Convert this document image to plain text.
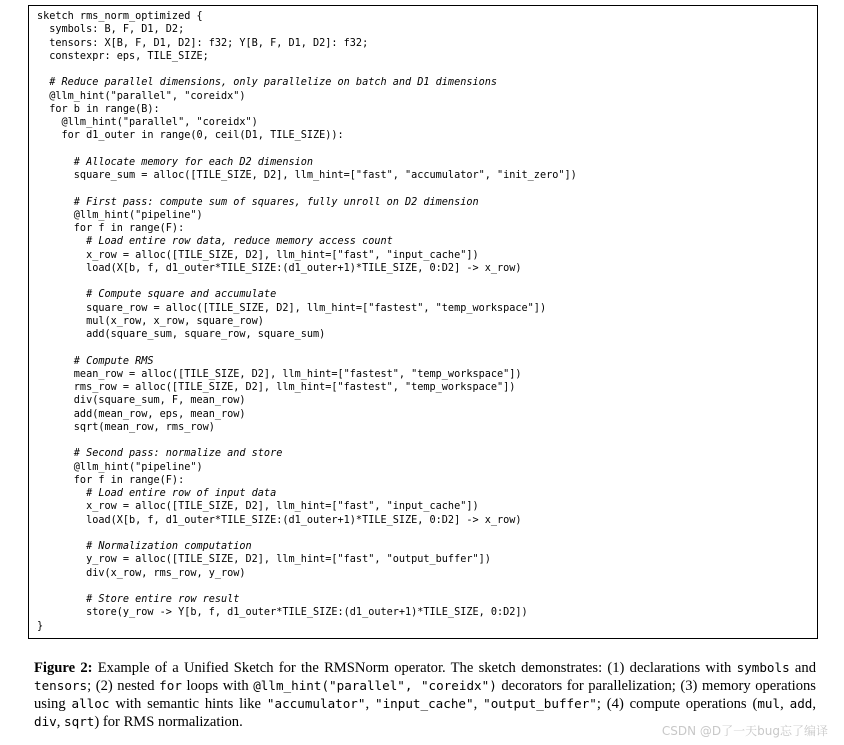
sketch rms_norm_optimized {
symbols: B, F, D1, D2;
tensors: X[B, F, D1, D2]: f32; Y[B, F, D1, D2]: f32;
constexpr: eps, TILE_SIZE;

# Reduce parallel dimensions, only parallelize on batch and D1 dimensions
@llm_hint("parallel", "coreidx")
for b in range(B):
@llm_hint("parallel", "coreidx")
for d1_outer in range(0, ceil(D1, TILE_SIZE)):

# Allocate memory for each D2 dimension
square_sum = alloc([TILE_SIZE, D2], llm_hint=["fast", "accumulator", "init_zero"])

# First pass: compute sum of squares, fully unroll on D2 dimension
@llm_hint("pipeline")
for f in range(F):
# Load entire row data, reduce memory access count
x_row = alloc([TILE_SIZE, D2], llm_hint=["fast", "input_cache"])
load(X[b, f, d1_outer*TILE_SIZE:(d1_outer+1)*TILE_SIZE, 0:D2] -> x_row)

# Compute square and accumulate
square_row = alloc([TILE_SIZE, D2], llm_hint=["fastest", "temp_workspace"])
mul(x_row, x_row, square_row)
add(square_sum, square_row, square_sum)

# Compute RMS
mean_row = alloc([TILE_SIZE, D2], llm_hint=["fastest", "temp_workspace"])
rms_row = alloc([TILE_SIZE, D2], llm_hint=["fastest", "temp_workspace"])
div(square_sum, F, mean_row)
add(mean_row, eps, mean_row)
sqrt(mean_row, rms_row)

# Second pass: normalize and store
@llm_hint("pipeline")
for f in range(F):
# Load entire row of input data
x_row = alloc([TILE_SIZE, D2], llm_hint=["fast", "input_cache"])
load(X[b, f, d1_outer*TILE_SIZE:(d1_outer+1)*TILE_SIZE, 0:D2] -> x_row)

# Normalization computation
y_row = alloc([TILE_SIZE, D2], llm_hint=["fast", "output_buffer"])
div(x_row, rms_row, y_row)

# Store entire row result
store(y_row -> Y[b, f, d1_outer*TILE_SIZE:(d1_outer+1)*TILE_SIZE, 0:D2])
}

Figure 2: Example of a Unified Sketch for the RMSNorm operator. The sketch demonstrates: (1) declarations with symbols and tensors; (2) nested for loops with @llm_hint("parallel", "coreidx") decorators for parallelization; (3) memory operations using alloc with semantic hints like "accumulator", "input_cache", "output_buffer"; (4) compute operations (mul, add, div, sqrt) for RMS normalization.
CSDN @D了一天bug忘了编译
